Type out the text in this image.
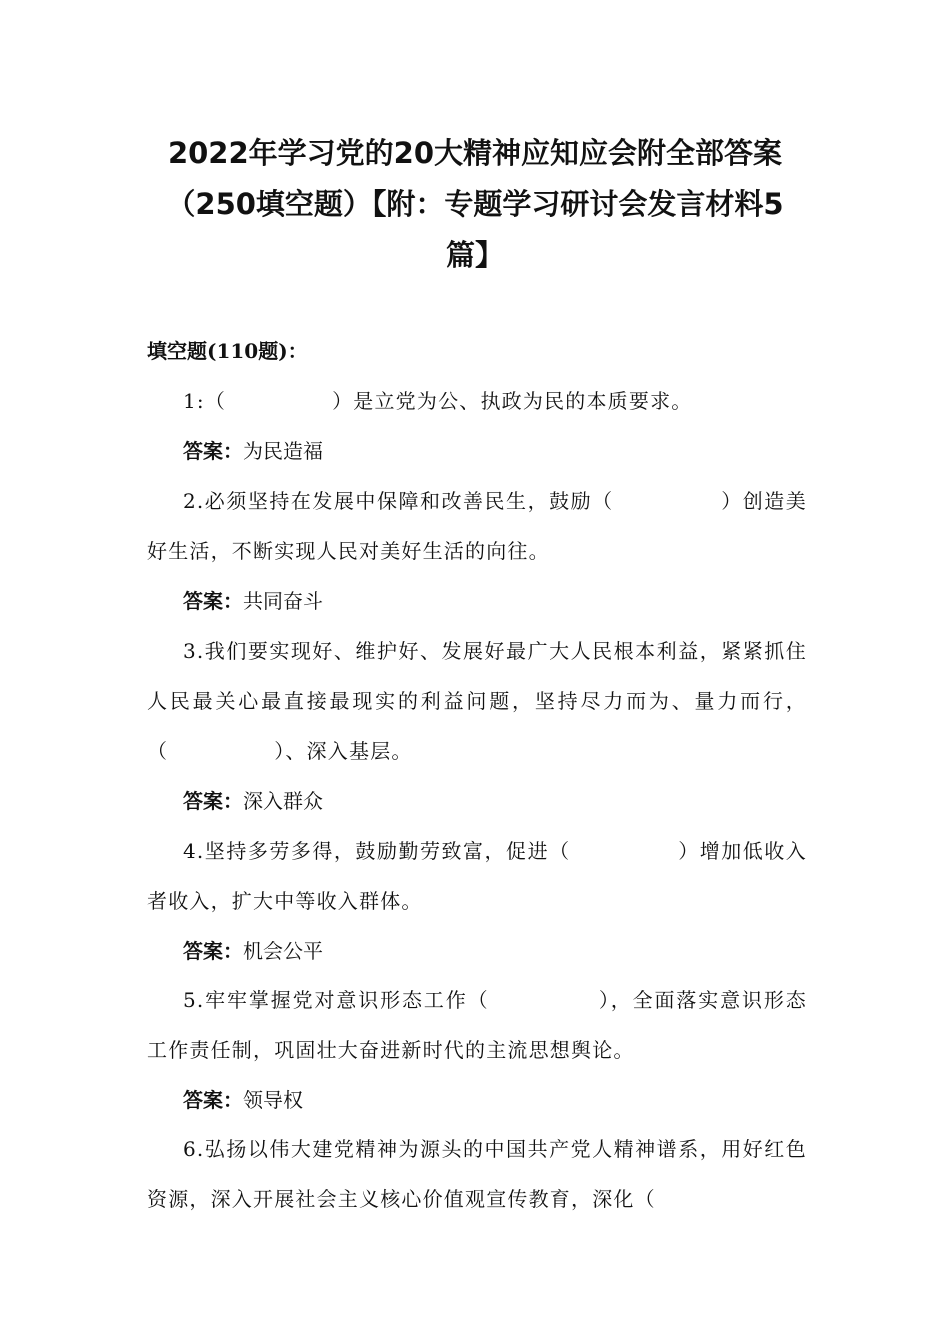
2022年学习党的20大精神应知应会附全部答案
（250填空题）【附：专题学习研讨会发言材料5
篇】
填空题(110题)：

1:（　　　　　）是立党为公、执政为民的本质要求。

答案：为民造福

2.必须坚持在发展中保障和改善民生，鼓励（　　　　　）创造美好生活，不断实现人民对美好生活的向往。

答案：共同奋斗

3.我们要实现好、维护好、发展好最广大人民根本利益，紧紧抓住人民最关心最直接最现实的利益问题，坚持尽力而为、量力而行，（　　　　　）、深入基层。

答案：深入群众

4.坚持多劳多得，鼓励勤劳致富，促进（　　　　　）增加低收入者收入，扩大中等收入群体。

答案：机会公平

5.牢牢掌握党对意识形态工作（　　　　　），全面落实意识形态工作责任制，巩固壮大奋进新时代的主流思想舆论。

答案：领导权

6.弘扬以伟大建党精神为源头的中国共产党人精神谱系，用好红色资源，深入开展社会主义核心价值观宣传教育，深化（
